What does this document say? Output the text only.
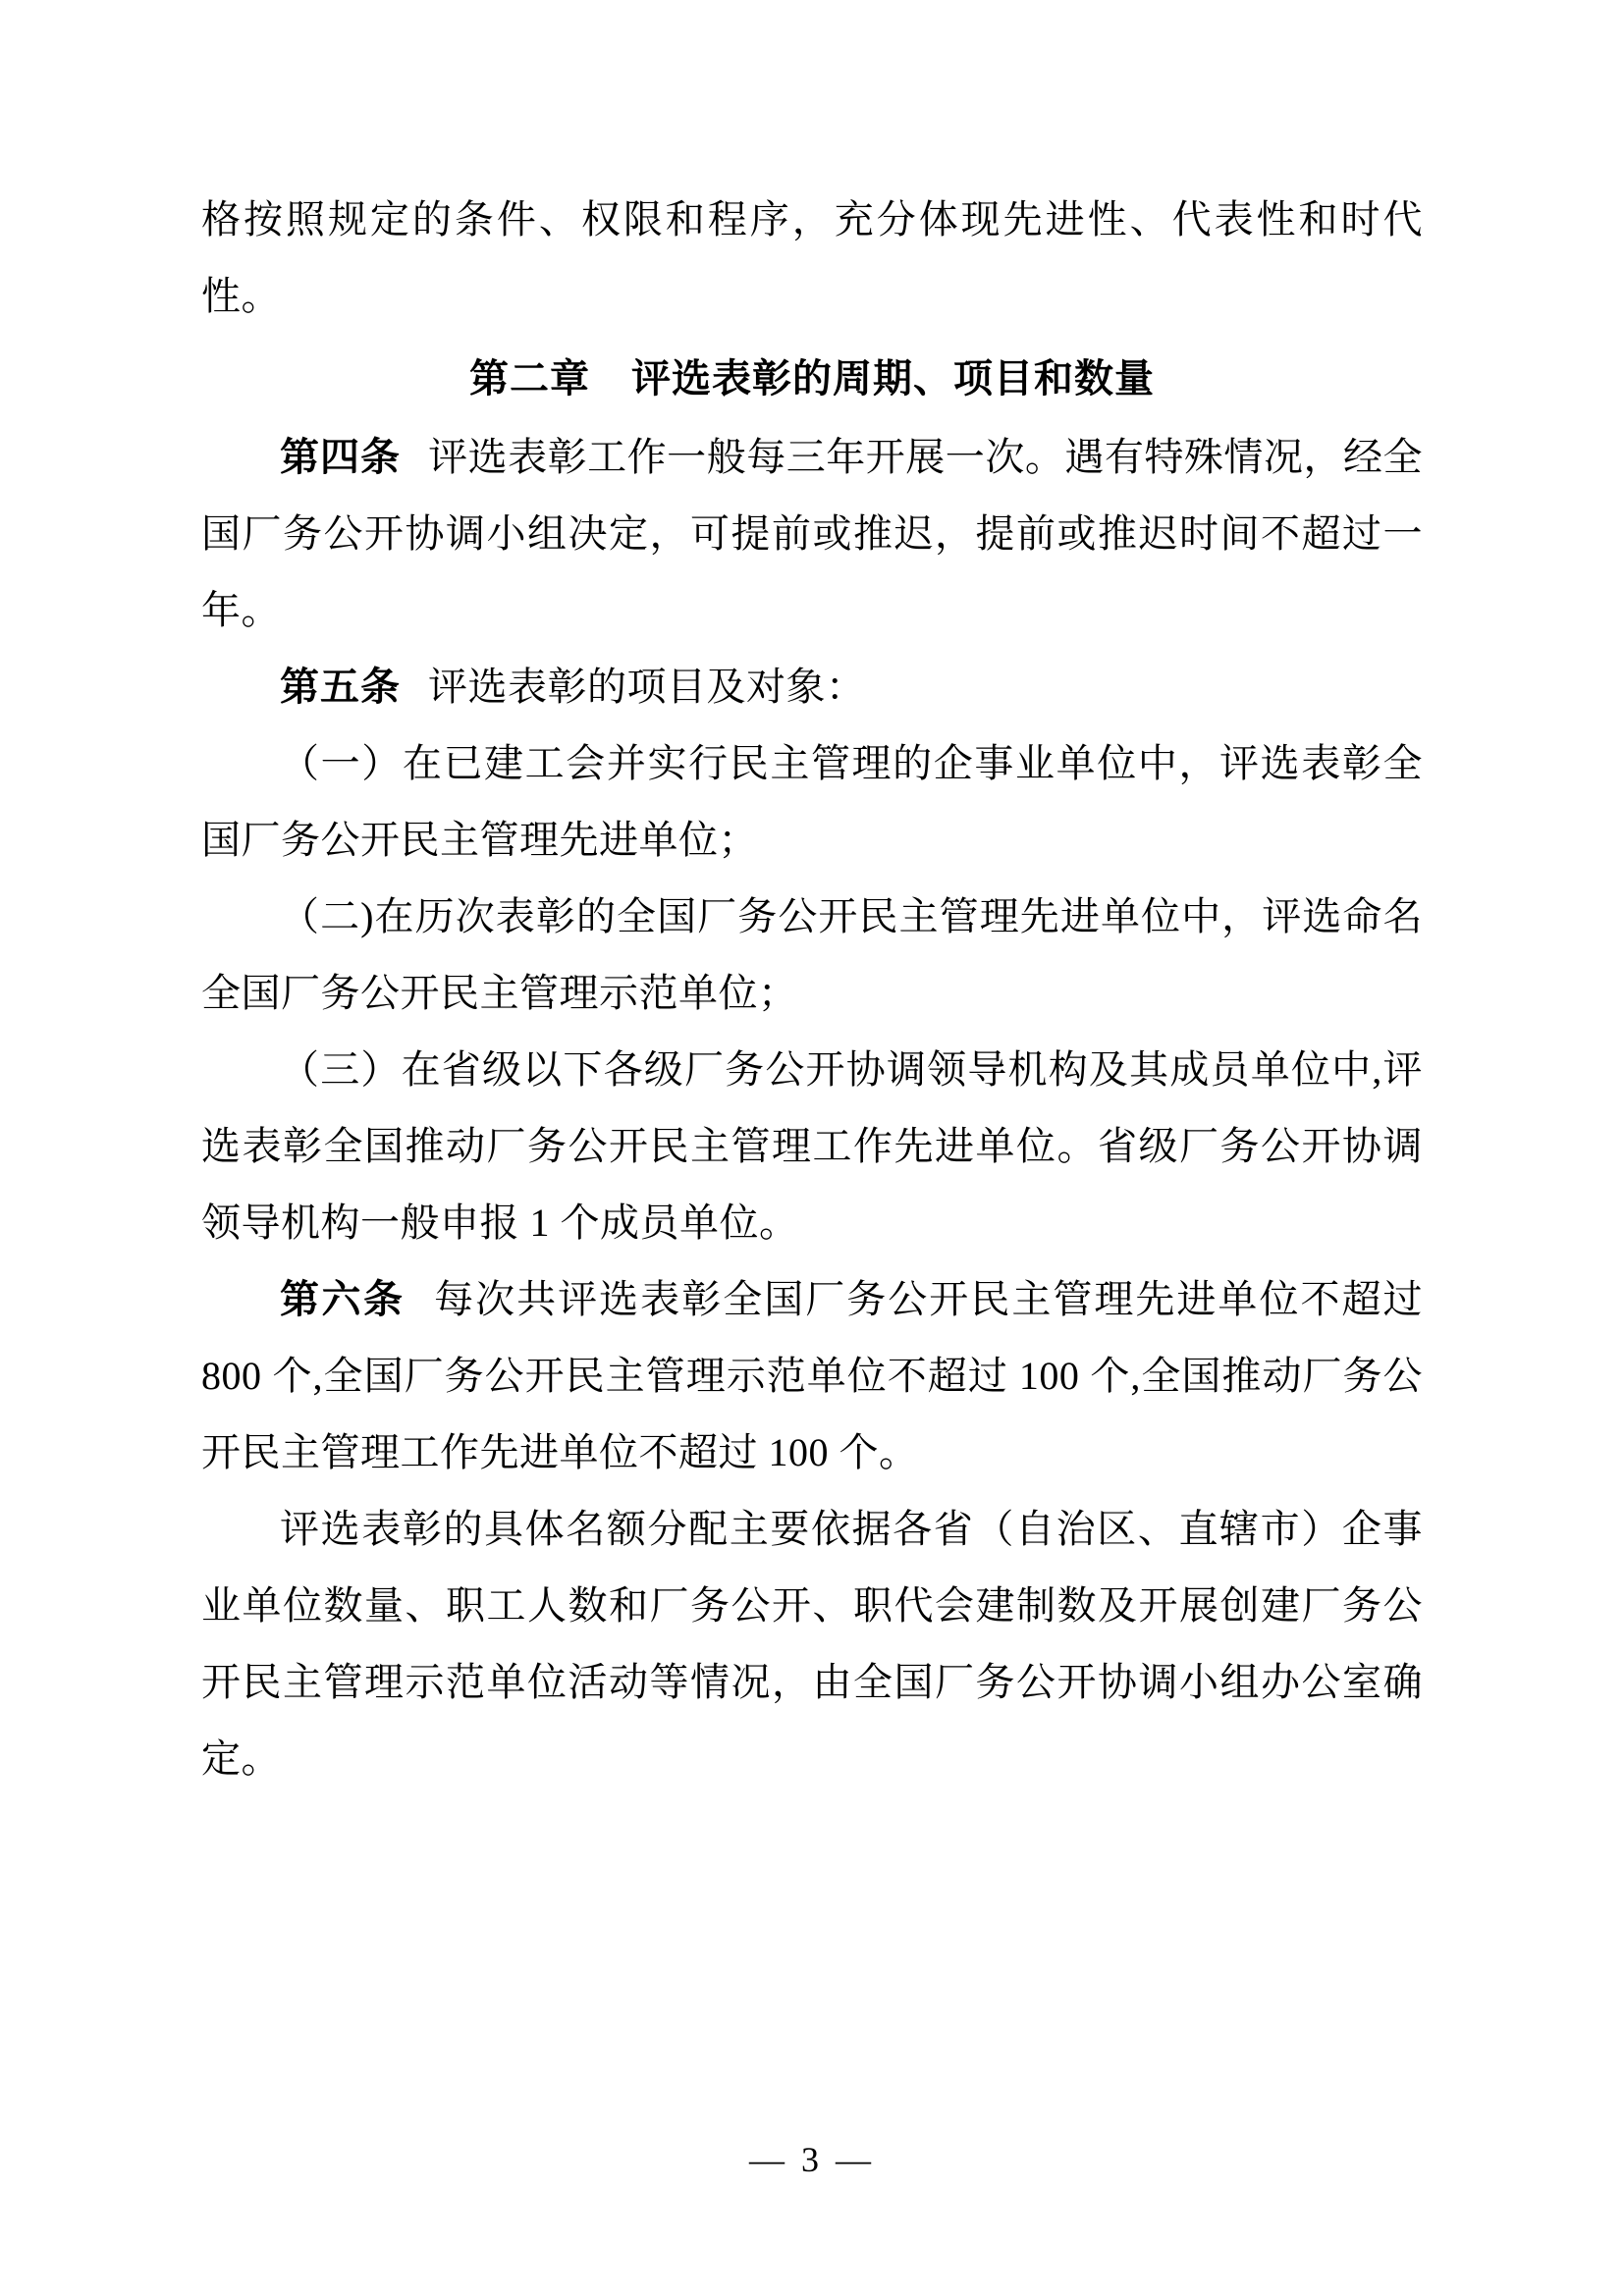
格按照规定的条件、权限和程序，充分体现先进性、代表性和时代性。

第二章 评选表彰的周期、项目和数量

第四条 评选表彰工作一般每三年开展一次。遇有特殊情况，经全国厂务公开协调小组决定，可提前或推迟，提前或推迟时间不超过一年。

第五条 评选表彰的项目及对象：

（一）在已建工会并实行民主管理的企事业单位中，评选表彰全国厂务公开民主管理先进单位；

（二)在历次表彰的全国厂务公开民主管理先进单位中，评选命名全国厂务公开民主管理示范单位；

（三）在省级以下各级厂务公开协调领导机构及其成员单位中,评选表彰全国推动厂务公开民主管理工作先进单位。省级厂务公开协调领导机构一般申报 1 个成员单位。

第六条 每次共评选表彰全国厂务公开民主管理先进单位不超过 800 个,全国厂务公开民主管理示范单位不超过 100 个,全国推动厂务公开民主管理工作先进单位不超过 100 个。

评选表彰的具体名额分配主要依据各省（自治区、直辖市）企事业单位数量、职工人数和厂务公开、职代会建制数及开展创建厂务公开民主管理示范单位活动等情况，由全国厂务公开协调小组办公室确定。

— 3 —
